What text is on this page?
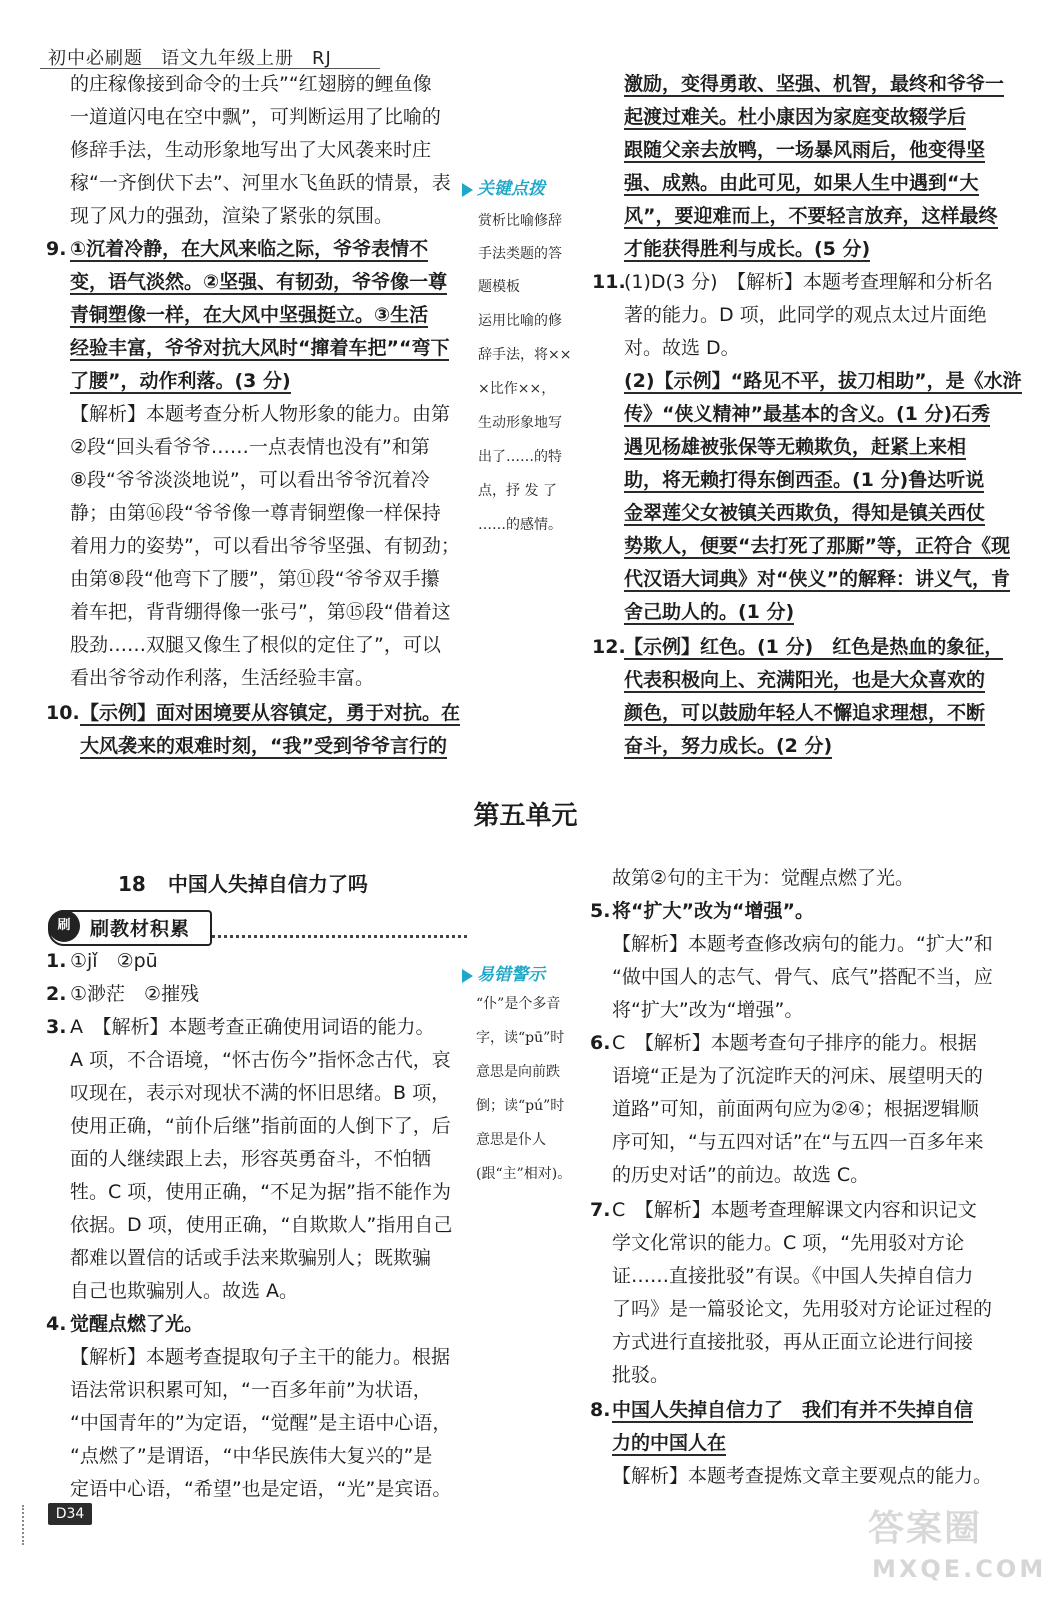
初中必刷题 语文九年级上册 RJ
的庄稼像接到命令的士兵”“红翅膀的鲤鱼像
一道道闪电在空中飘”，可判断运用了比喻的
修辞手法，生动形象地写出了大风袭来时庄
稼“一齐倒伏下去”、河里水飞鱼跃的情景，表
现了风力的强劲，渲染了紧张的氛围。
9. ①沉着冷静，在大风来临之际，爷爷表情不
变，语气淡然。②坚强、有韧劲，爷爷像一尊
青铜塑像一样，在大风中坚强挺立。③生活
经验丰富，爷爷对抗大风时“撺着车把”“弯下
了腰”，动作利落。(3 分)
【解析】本题考查分析人物形象的能力。由第
②段“回头看爷爷……一点表情也没有”和第
⑧段“爷爷淡淡地说”，可以看出爷爷沉着冷
静；由第⑯段“爷爷像一尊青铜塑像一样保持
着用力的姿势”，可以看出爷爷坚强、有韧劲；
由第⑧段“他弯下了腰”，第⑪段“爷爷双手攥
着车把，背背绷得像一张弓”，第⑮段“借着这
股劲……双腿又像生了根似的定住了”，可以
看出爷爷动作利落，生活经验丰富。
10. 【示例】面对困境要从容镇定，勇于对抗。在
大风袭来的艰难时刻，“我”受到爷爷言行的
关键点拨
赏析比喻修辞
手法类题的答
题模板
运用比喻的修
辞手法，将××
×比作××，
生动形象地写
出了……的特
点，抒 发 了
……的感情。
激励，变得勇敢、坚强、机智，最终和爷爷一
起渡过难关。杜小康因为家庭变故辍学后
跟随父亲去放鸭，一场暴风雨后，他变得坚
强、成熟。由此可见，如果人生中遇到“大
风”，要迎难而上，不要轻言放弃，这样最终
才能获得胜利与成长。(5 分)
11.
(1)D(3 分)　【解析】本题考查理解和分析名
著的能力。D 项，此同学的观点太过片面绝
对。故选 D。
(2)【示例】“路见不平，拔刀相助”，是《水浒
传》“侠义精神”最基本的含义。(1 分)石秀
遇见杨雄被张保等无赖欺负，赶紧上来相
助，将无赖打得东倒西歪。(1 分)鲁达听说
金翠莲父女被镇关西欺负，得知是镇关西仗
势欺人，便要“去打死了那厮”等，正符合《现
代汉语大词典》对“侠义”的解释：讲义气，肯
舍己助人的。(1 分)
12.
【示例】红色。(1 分)　红色是热血的象征，
代表积极向上、充满阳光，也是大众喜欢的
颜色，可以鼓励年轻人不懈追求理想，不断
奋斗，努力成长。(2 分)
第五单元
18 中国人失掉自信力了吗
刷	刷教材积累
1. ①jǐ　②pū
2. ①渺茫　②摧残
3. A　【解析】本题考查正确使用词语的能力。
A 项，不合语境，“怀古伤今”指怀念古代，哀
叹现在，表示对现状不满的怀旧思绪。B 项，
使用正确，“前仆后继”指前面的人倒下了，后
面的人继续跟上去，形容英勇奋斗，不怕牺
牲。C 项，使用正确，“不足为据”指不能作为
依据。D 项，使用正确，“自欺欺人”指用自己
都难以置信的话或手法来欺骗别人；既欺骗
自己也欺骗别人。故选 A。
4. 觉醒点燃了光。
【解析】本题考查提取句子主干的能力。根据
语法常识积累可知，“一百多年前”为状语，
“中国青年的”为定语，“觉醒”是主语中心语，
“点燃了”是谓语，“中华民族伟大复兴的”是
定语中心语，“希望”也是定语，“光”是宾语。
易错警示
“仆”是个多音
字，读“pū”时
意思是向前跌
倒；读“pú”时
意思是仆人
(跟“主”相对)。
故第②句的主干为：觉醒点燃了光。
5. 将“扩大”改为“增强”。
【解析】本题考查修改病句的能力。“扩大”和
“做中国人的志气、骨气、底气”搭配不当，应
将“扩大”改为“增强”。
6. C　【解析】本题考查句子排序的能力。根据
语境“正是为了沉淀昨天的河床、展望明天的
道路”可知，前面两句应为②④；根据逻辑顺
序可知，“与五四对话”在“与五四一百多年来
的历史对话”的前边。故选 C。
7. C　【解析】本题考查理解课文内容和识记文
学文化常识的能力。C 项，“先用驳对方论
证……直接批驳”有误。《中国人失掉自信力
了吗》是一篇驳论文，先用驳对方论证过程的
方式进行直接批驳，再从正面立论进行间接
批驳。
8. 中国人失掉自信力了　我们有并不失掉自信
力的中国人在
【解析】本题考查提炼文章主要观点的能力。
D34	答案圈
MXQE.COM
